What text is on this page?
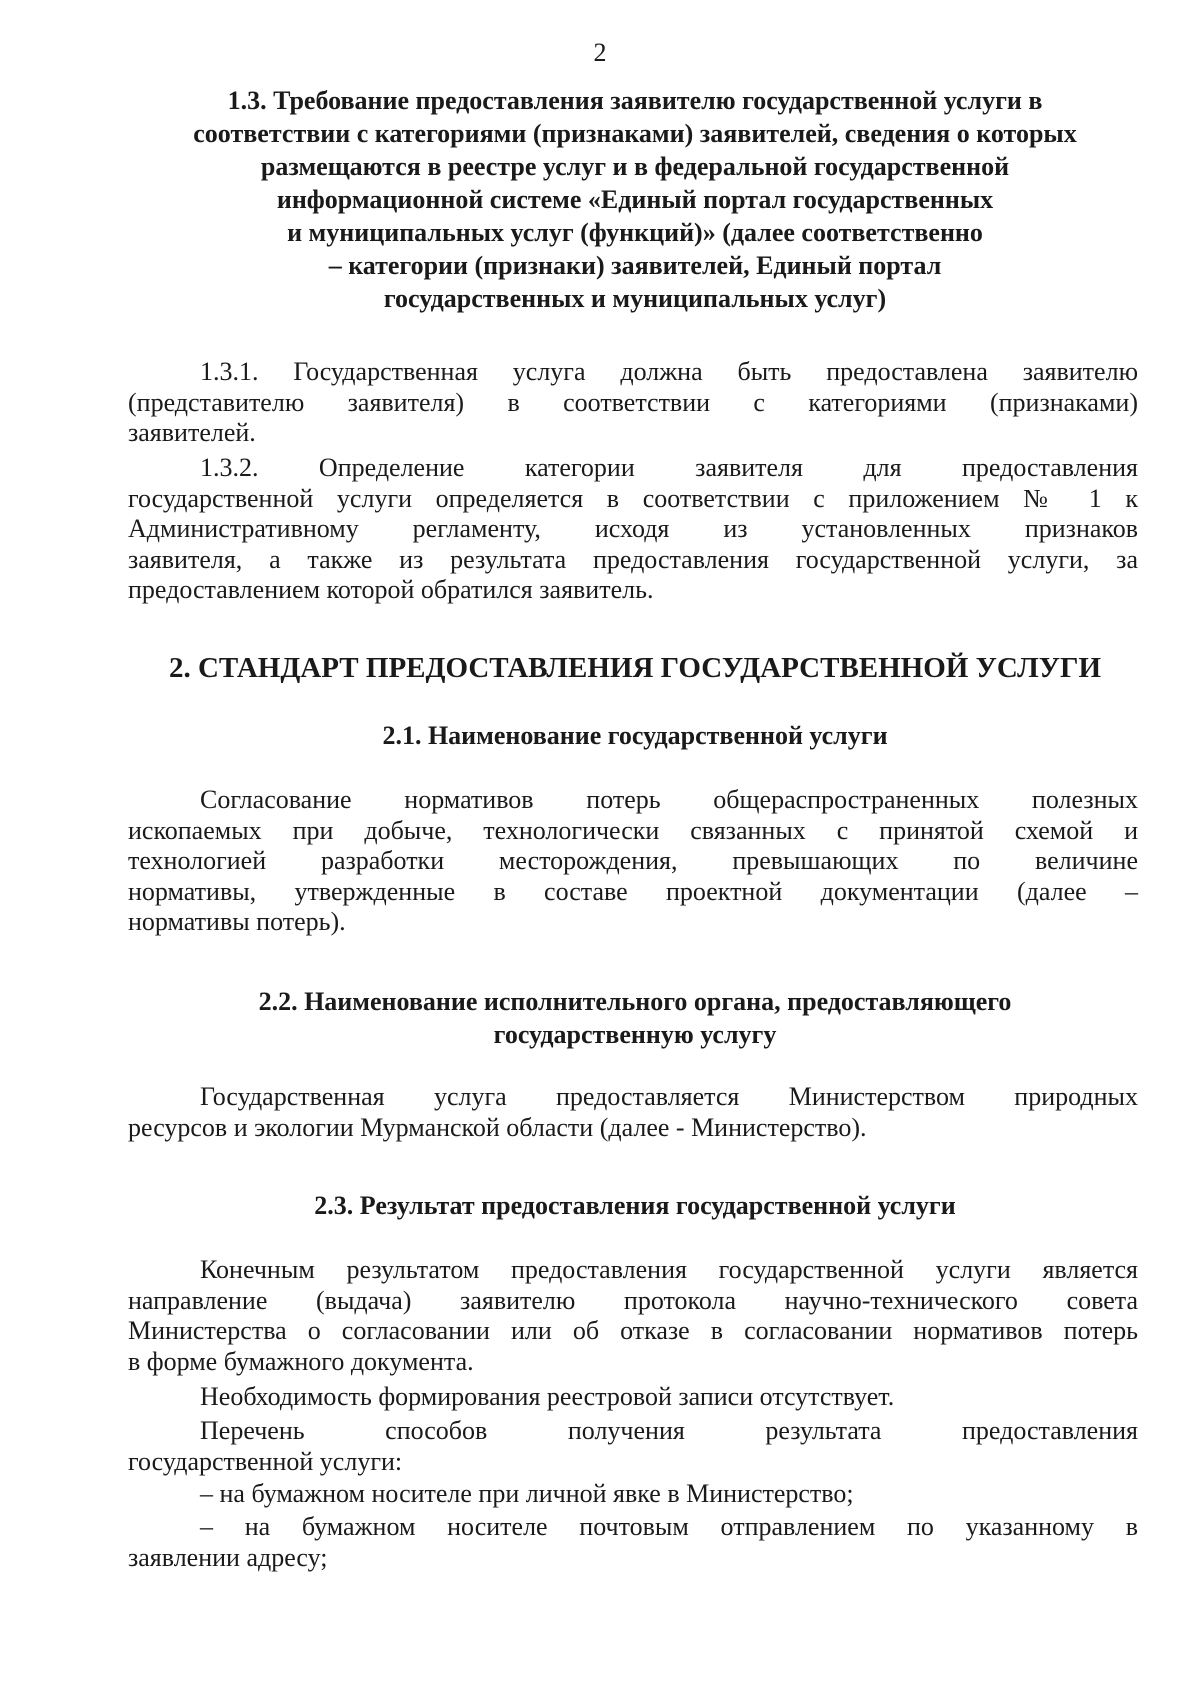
2
1.3. Требование предоставления заявителю государственной услуги в
соответствии с категориями (признаками) заявителей, сведения о которых
размещаются в реестре услуг и в федеральной государственной
информационной системе «Единый портал государственных
и муниципальных услуг (функций)» (далее соответственно
– категории (признаки) заявителей, Единый портал
государственных и муниципальных услуг)
1.3.1. Государственная услуга должна быть предоставлена заявителю
(представителю заявителя) в соответствии с категориями (признаками)
заявителей.
1.3.2. Определение категории заявителя для предоставления
государственной услуги определяется в соответствии с приложением № 1 к
Административному регламенту, исходя из установленных признаков
заявителя, а также из результата предоставления государственной услуги, за
предоставлением которой обратился заявитель.
2. СТАНДАРТ ПРЕДОСТАВЛЕНИЯ ГОСУДАРСТВЕННОЙ УСЛУГИ
2.1. Наименование государственной услуги
Согласование нормативов потерь общераспространенных полезных
ископаемых при добыче, технологически связанных с принятой схемой и
технологией разработки месторождения, превышающих по величине
нормативы, утвержденные в составе проектной документации (далее –
нормативы потерь).
2.2. Наименование исполнительного органа, предоставляющего
государственную услугу
Государственная услуга предоставляется Министерством природных
ресурсов и экологии Мурманской области (далее - Министерство).
2.3. Результат предоставления государственной услуги
Конечным результатом предоставления государственной услуги является
направление (выдача) заявителю протокола научно-технического совета
Министерства о согласовании или об отказе в согласовании нормативов потерь
в форме бумажного документа.
Необходимость формирования реестровой записи отсутствует.
Перечень способов получения результата предоставления
государственной услуги:
– на бумажном носителе при личной явке в Министерство;
– на бумажном носителе почтовым отправлением по указанному в
заявлении адресу;
